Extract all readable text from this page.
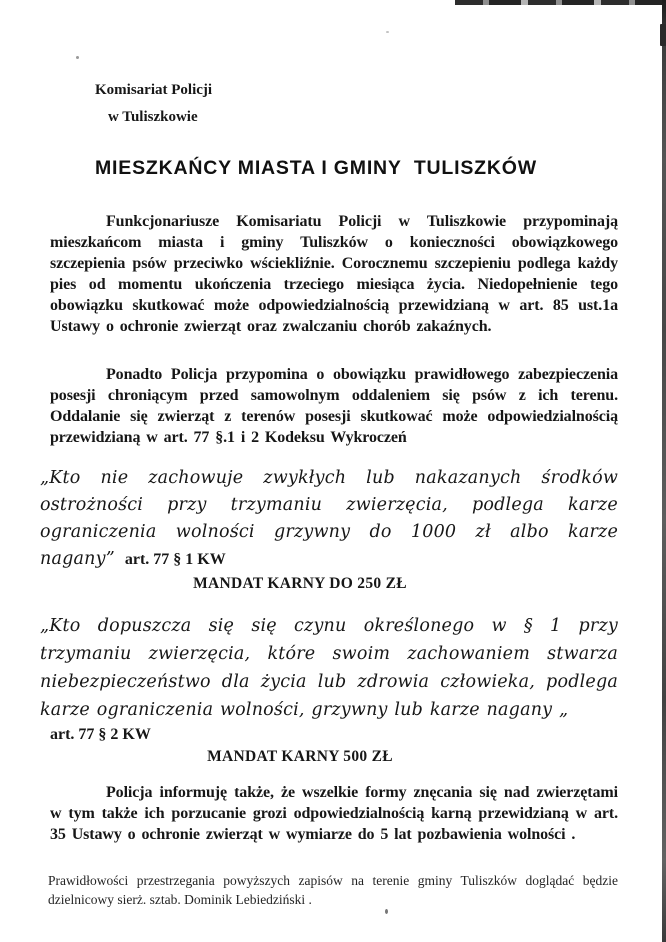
Komisariat Policji
w Tuliszkowie
MIESZKAŃCY MIASTA I GMINY  TULISZKÓW

Funkcjonariusze Komisariatu Policji w Tuliszkowie przypominają mieszkańcom miasta i gminy Tuliszków o konieczności obowiązkowego szczepienia psów przeciwko wściekliźnie. Corocznemu szczepieniu podlega każdy pies od momentu ukończenia trzeciego miesiąca życia. Niedopełnienie tego obowiązku skutkować może odpowiedzialnością przewidzianą w art. 85 ust.1a Ustawy o ochronie zwierząt oraz zwalczaniu chorób zakaźnych.

Ponadto Policja przypomina o obowiązku prawidłowego zabezpieczenia posesji chroniącym przed samowolnym oddaleniem się psów z ich terenu. Oddalanie się zwierząt z terenów posesji skutkować może odpowiedzialnością przewidzianą w art. 77 §.1 i 2 Kodeksu Wykroczeń

„Kto nie zachowuje zwykłych lub nakazanych środków ostrożności przy trzymaniu zwierzęcia, podlega karze ograniczenia wolności grzywny do 1000 zł albo karze nagany” art. 77 § 1 KW
MANDAT KARNY DO 250 ZŁ
„Kto dopuszcza się się czynu określonego w § 1 przy trzymaniu zwierzęcia, które swoim zachowaniem stwarza niebezpieczeństwo dla życia lub zdrowia człowieka, podlega karze ograniczenia wolności, grzywny lub karze nagany „
art. 77 § 2 KW
MANDAT KARNY 500 ZŁ

Policja informuję także, że wszelkie formy znęcania się nad zwierzętami w tym także ich porzucanie grozi odpowiedzialnością karną przewidzianą w art. 35 Ustawy o ochronie zwierząt w wymiarze do 5 lat pozbawienia wolności .

Prawidłowości przestrzegania powyższych zapisów na terenie gminy Tuliszków doglądać będzie dzielnicowy sierż. sztab. Dominik Lebiedziński .
